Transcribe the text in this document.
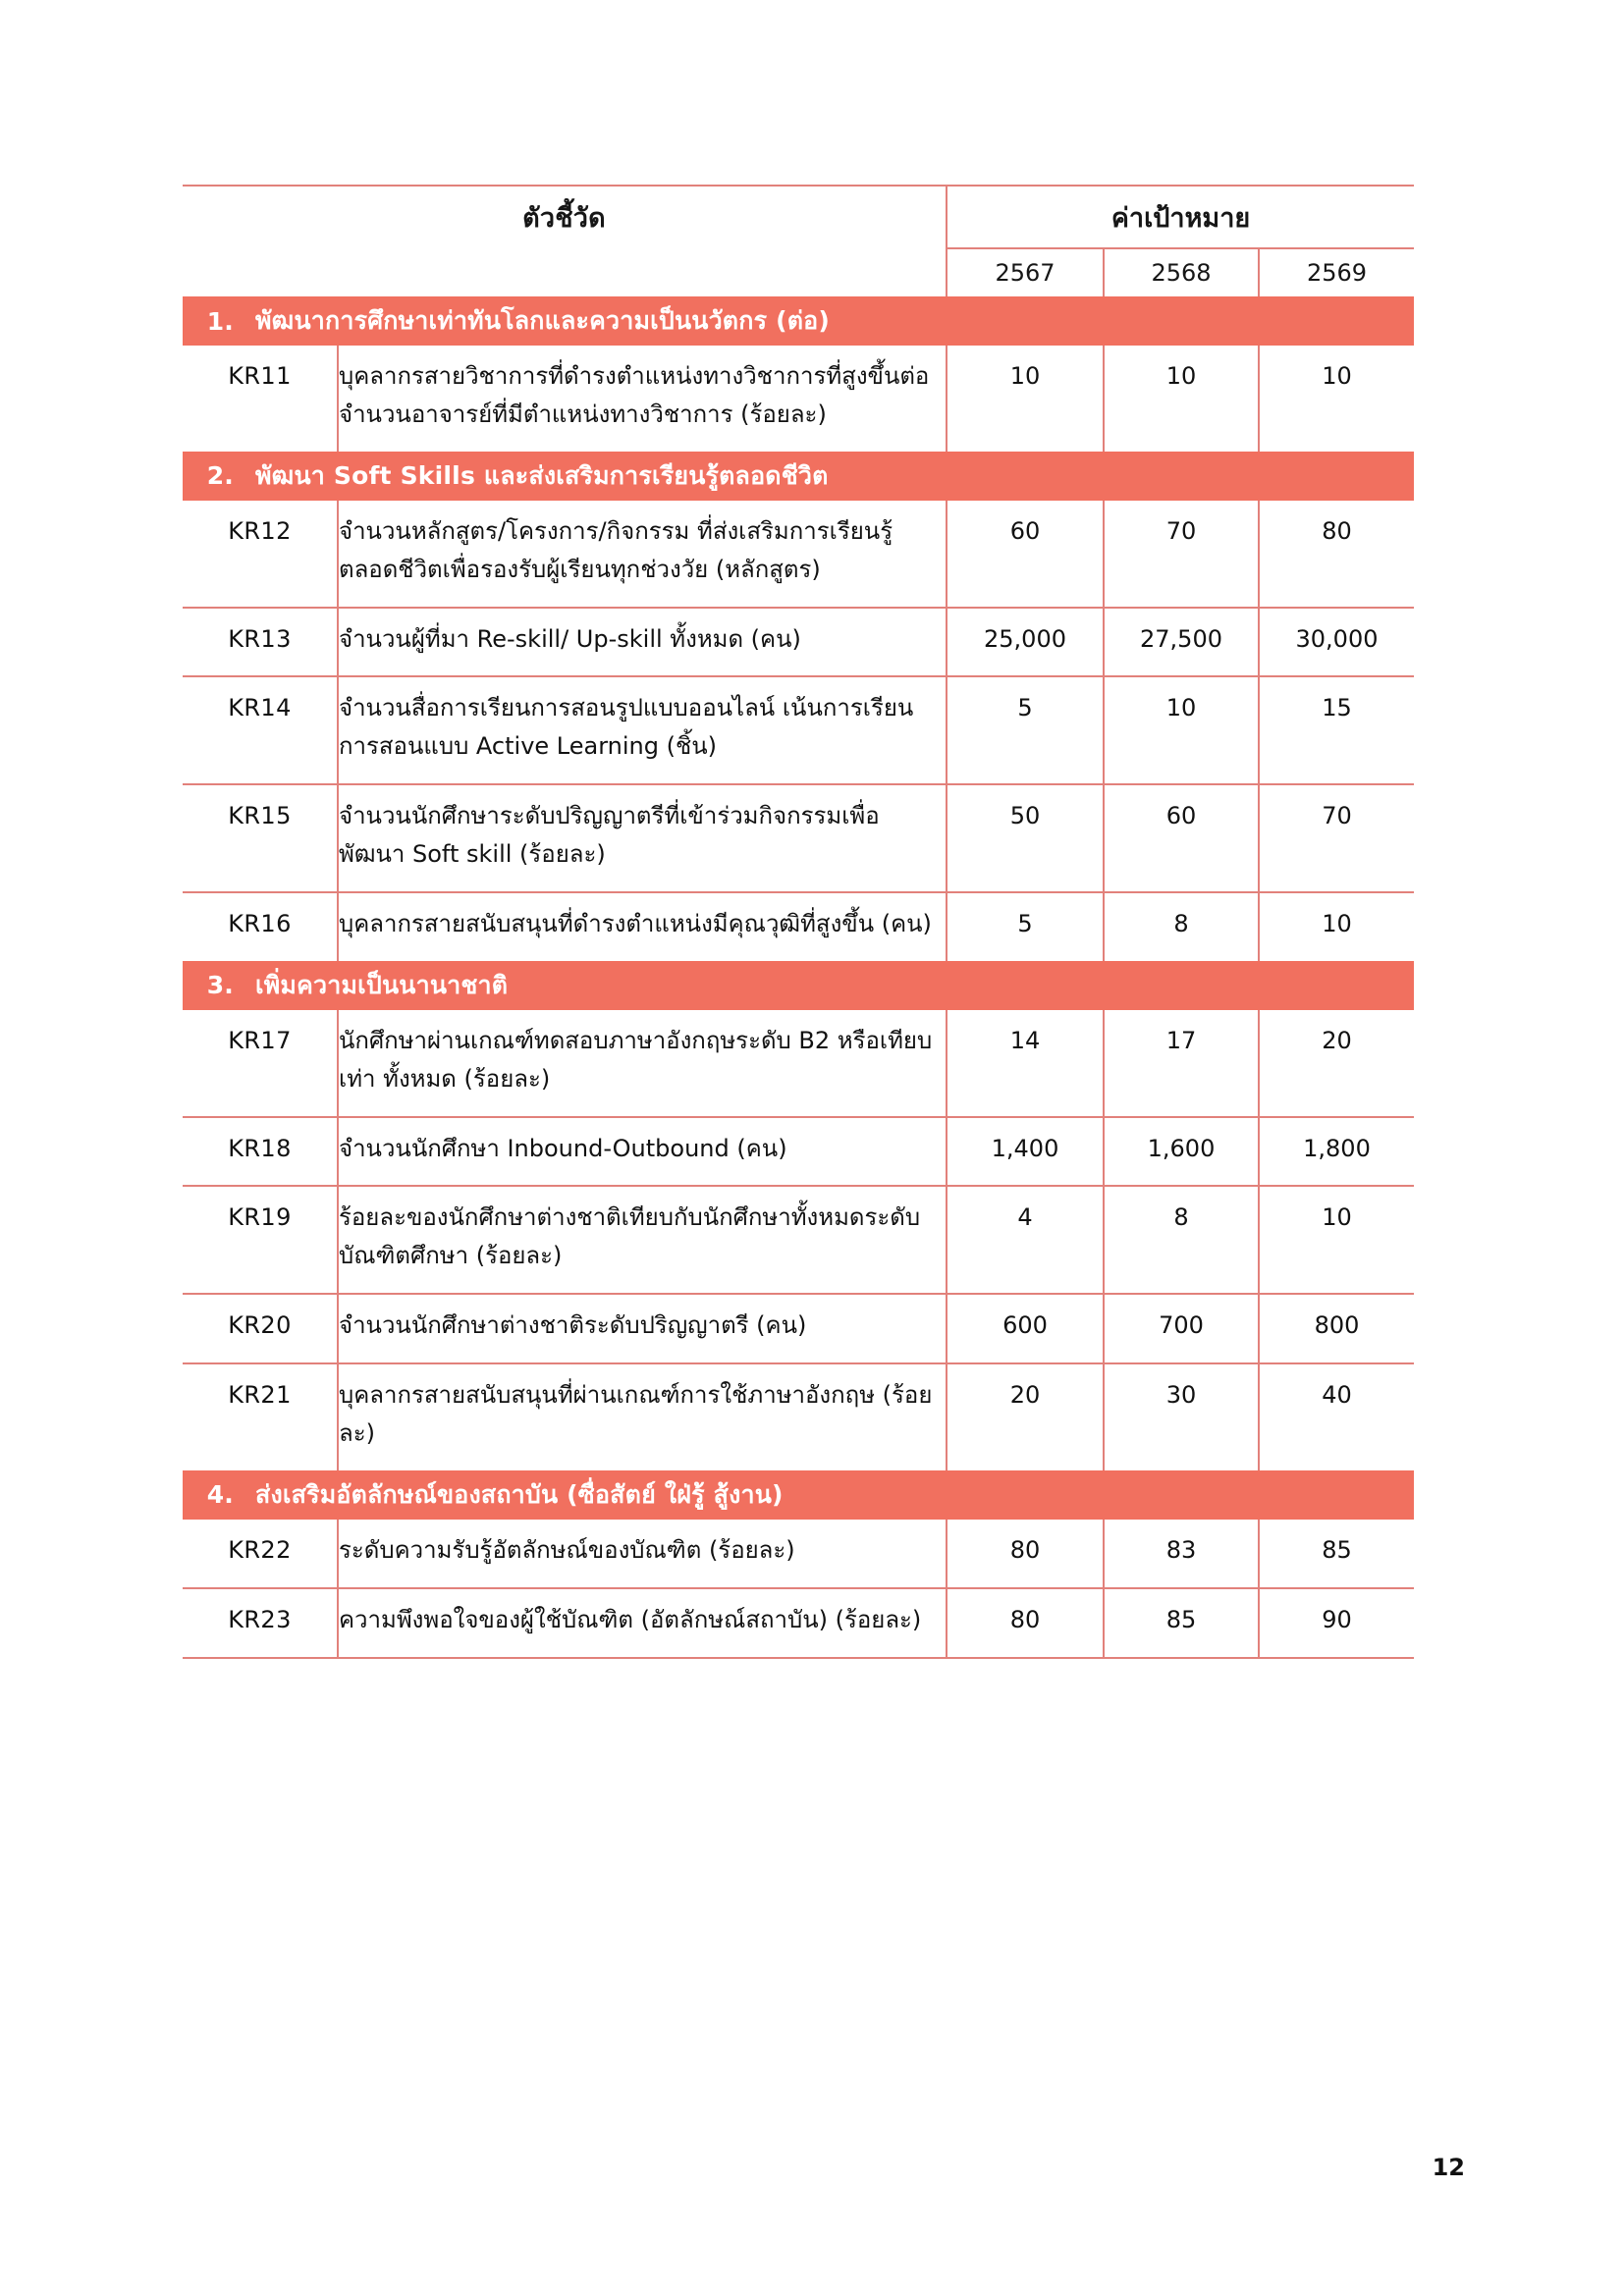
ตัวชี้วัด		ค่าเป้าหมาย		
		2567	2568	2569

1. พัฒนาการศึกษาเท่าทันโลกและความเป็นนวัตกร (ต่อ)				

KR11	บุคลากรสายวิชาการที่ดำรงตำแหน่งทางวิชาการที่สูงขึ้นต่อจำนวนอาจารย์ที่มีตำแหน่งทางวิชาการ (ร้อยละ)	10	10	10

2. พัฒนา Soft Skills และส่งเสริมการเรียนรู้ตลอดชีวิต				

KR12	จำนวนหลักสูตร/โครงการ/กิจกรรม ที่ส่งเสริมการเรียนรู้ตลอดชีวิตเพื่อรองรับผู้เรียนทุกช่วงวัย (หลักสูตร)	60	70	80
KR13	จำนวนผู้ที่มา Re-skill/ Up-skill ทั้งหมด (คน)	25,000	27,500	30,000
KR14	จำนวนสื่อการเรียนการสอนรูปแบบออนไลน์ เน้นการเรียนการสอนแบบ Active Learning (ชิ้น)	5	10	15
KR15	จำนวนนักศึกษาระดับปริญญาตรีที่เข้าร่วมกิจกรรมเพื่อพัฒนา Soft skill (ร้อยละ)	50	60	70
KR16	บุคลากรสายสนับสนุนที่ดำรงตำแหน่งมีคุณวุฒิที่สูงขึ้น (คน)	5	8	10

3. เพิ่มความเป็นนานาชาติ				

KR17	นักศึกษาผ่านเกณฑ์ทดสอบภาษาอังกฤษระดับ B2 หรือเทียบเท่า ทั้งหมด (ร้อยละ)	14	17	20
KR18	จำนวนนักศึกษา Inbound-Outbound (คน)	1,400	1,600	1,800
KR19	ร้อยละของนักศึกษาต่างชาติเทียบกับนักศึกษาทั้งหมดระดับบัณฑิตศึกษา (ร้อยละ)	4	8	10
KR20	จำนวนนักศึกษาต่างชาติระดับปริญญาตรี (คน)	600	700	800
KR21	บุคลากรสายสนับสนุนที่ผ่านเกณฑ์การใช้ภาษาอังกฤษ (ร้อยละ)	20	30	40

4. ส่งเสริมอัตลักษณ์ของสถาบัน (ซื่อสัตย์ ใฝ่รู้ สู้งาน)				

KR22	ระดับความรับรู้อัตลักษณ์ของบัณฑิต (ร้อยละ)	80	83	85
KR23	ความพึงพอใจของผู้ใช้บัณฑิต (อัตลักษณ์สถาบัน) (ร้อยละ)	80	85	90

12
